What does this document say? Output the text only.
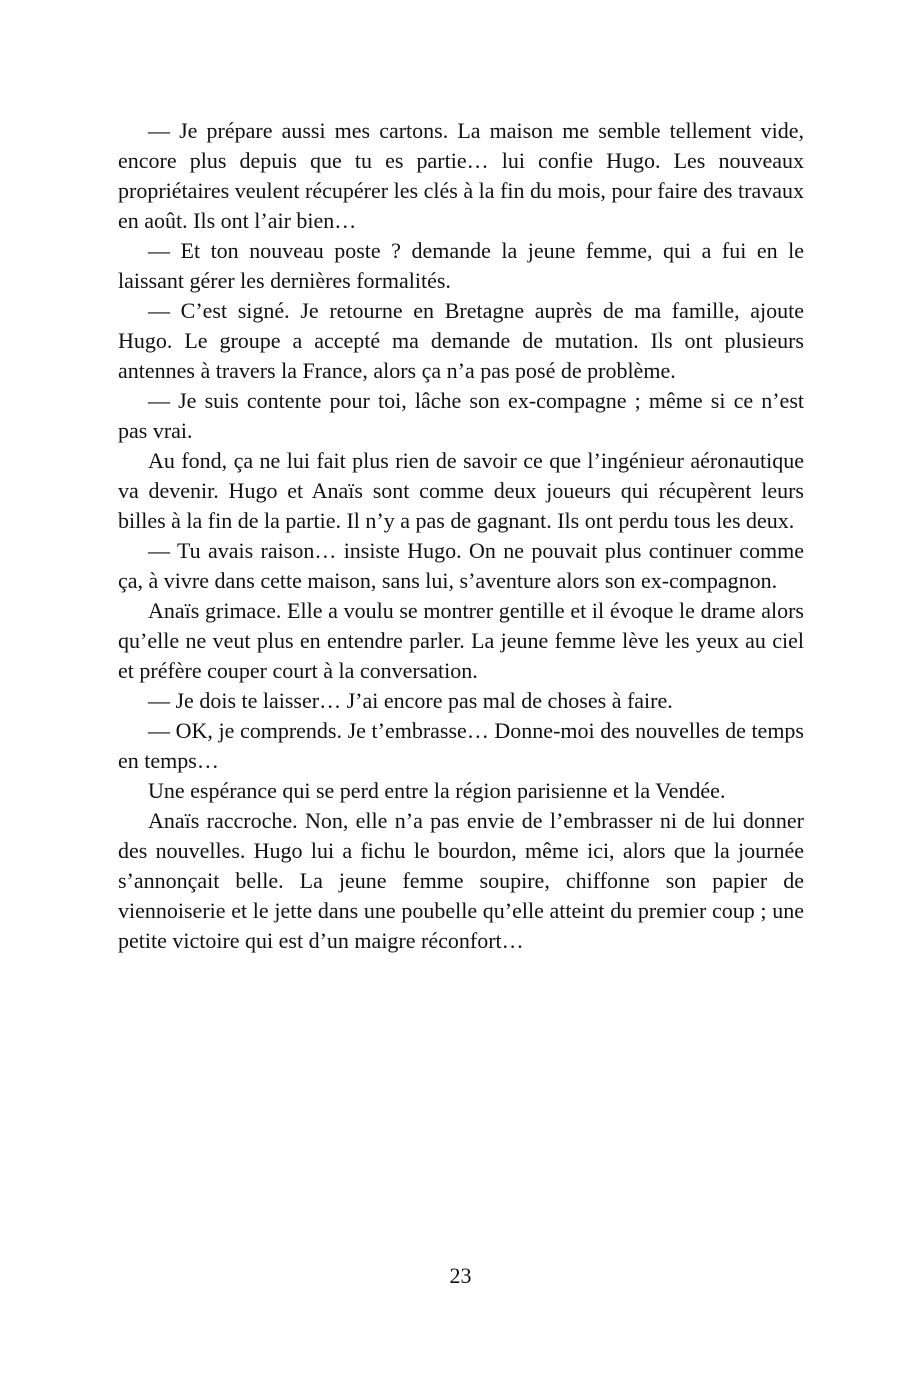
— Je prépare aussi mes cartons. La maison me semble tellement vide, encore plus depuis que tu es partie… lui confie Hugo. Les nouveaux propriétaires veulent récupérer les clés à la fin du mois, pour faire des travaux en août. Ils ont l’air bien…

— Et ton nouveau poste ? demande la jeune femme, qui a fui en le laissant gérer les dernières formalités.

— C’est signé. Je retourne en Bretagne auprès de ma famille, ajoute Hugo. Le groupe a accepté ma demande de mutation. Ils ont plusieurs antennes à travers la France, alors ça n’a pas posé de problème.

— Je suis contente pour toi, lâche son ex-compagne ; même si ce n’est pas vrai.

Au fond, ça ne lui fait plus rien de savoir ce que l’ingénieur aéronautique va devenir. Hugo et Anaïs sont comme deux joueurs qui récupèrent leurs billes à la fin de la partie. Il n’y a pas de gagnant. Ils ont perdu tous les deux.

— Tu avais raison… insiste Hugo. On ne pouvait plus continuer comme ça, à vivre dans cette maison, sans lui, s’aventure alors son ex-compagnon.

Anaïs grimace. Elle a voulu se montrer gentille et il évoque le drame alors qu’elle ne veut plus en entendre parler. La jeune femme lève les yeux au ciel et préfère couper court à la conversation.

— Je dois te laisser… J’ai encore pas mal de choses à faire.

— OK, je comprends. Je t’embrasse… Donne-moi des nouvelles de temps en temps…

Une espérance qui se perd entre la région parisienne et la Vendée.

Anaïs raccroche. Non, elle n’a pas envie de l’embrasser ni de lui donner des nouvelles. Hugo lui a fichu le bourdon, même ici, alors que la journée s’annonçait belle. La jeune femme soupire, chiffonne son papier de viennoiserie et le jette dans une poubelle qu’elle atteint du premier coup ; une petite victoire qui est d’un maigre réconfort…

23
